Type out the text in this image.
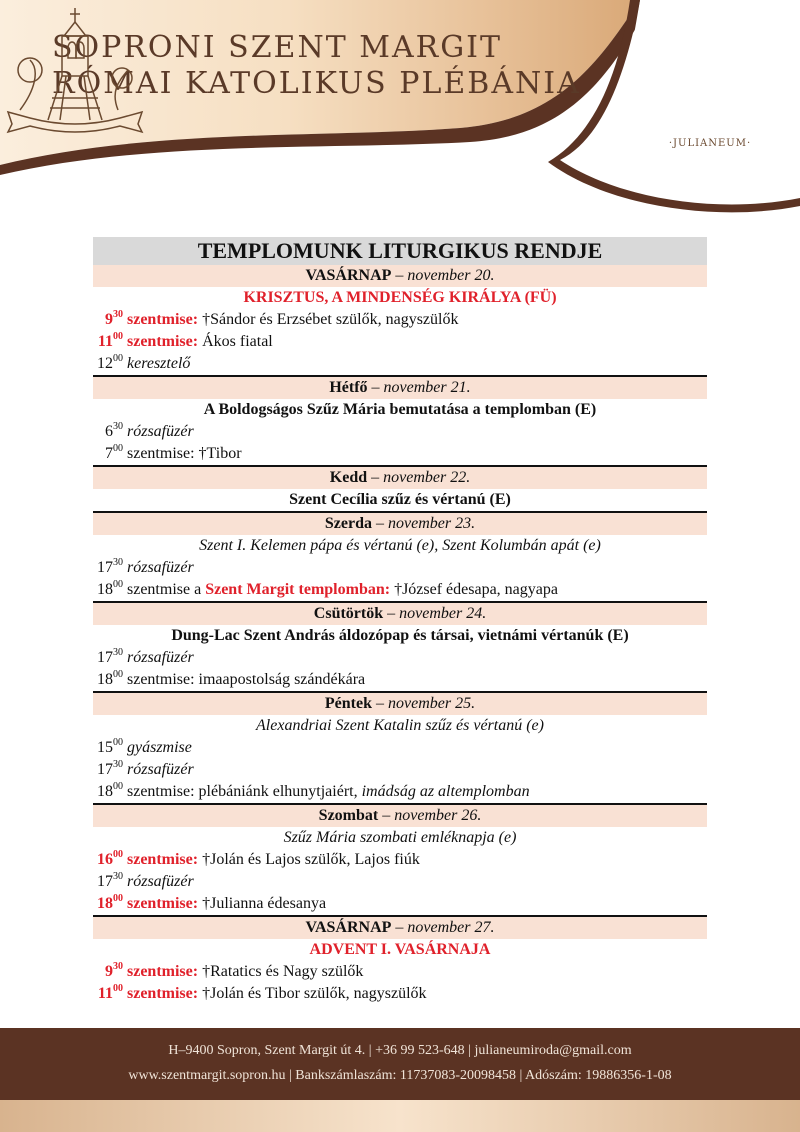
SOPRONI SZENT MARGIT
RÓMAI KATOLIKUS PLÉBÁNIA
·JULIANEUM·
TEMPLOMUNK LITURGIKUS RENDJE
VASÁRNAP – november 20.
KRISZTUS, A MINDENSÉG KIRÁLYA (FÜ)
$9^{30}$ szentmise: †Sándor és Erzsébet szülők, nagyszülők
$11^{00}$ szentmise: Ákos fiatal
$12^{00}$ keresztelő
Hétfő – november 21.
A Boldogságos Szűz Mária bemutatása a templomban (E)
$6^{30}$ rózsafüzér
$7^{00}$ szentmise: †Tibor
Kedd – november 22.
Szent Cecília szűz és vértanú (E)
Szerda – november 23.
Szent I. Kelemen pápa és vértanú (e), Szent Kolumbán apát (e)
$17^{30}$ rózsafüzér
$18^{00}$ szentmise a Szent Margit templomban: †József édesapa, nagyapa
Csütörtök – november 24.
Dung-Lac Szent András áldozópap és társai, vietnámi vértanúk (E)
$17^{30}$ rózsafüzér
$18^{00}$ szentmise: imaapostolság szándékára
Péntek – november 25.
Alexandriai Szent Katalin szűz és vértanú (e)
$15^{00}$ gyászmise
$17^{30}$ rózsafüzér
$18^{00}$ szentmise: plébániánk elhunytjaiért, imádság az altemplomban
Szombat – november 26.
Szűz Mária szombati emléknapja (e)
$16^{00}$ szentmise: †Jolán és Lajos szülők, Lajos fiúk
$17^{30}$ rózsafüzér
$18^{00}$ szentmise: †Julianna édesanya
VASÁRNAP – november 27.
ADVENT I. VASÁRNAJA
$9^{30}$ szentmise: †Ratatics és Nagy szülők
$11^{00}$ szentmise: †Jolán és Tibor szülők, nagyszülők
H–9400 Sopron, Szent Margit út 4. | +36 99 523-648 | julianeumiroda@gmail.com
www.szentmargit.sopron.hu | Bankszámlaszám: 11737083-20098458 | Adószám: 19886356-1-08
